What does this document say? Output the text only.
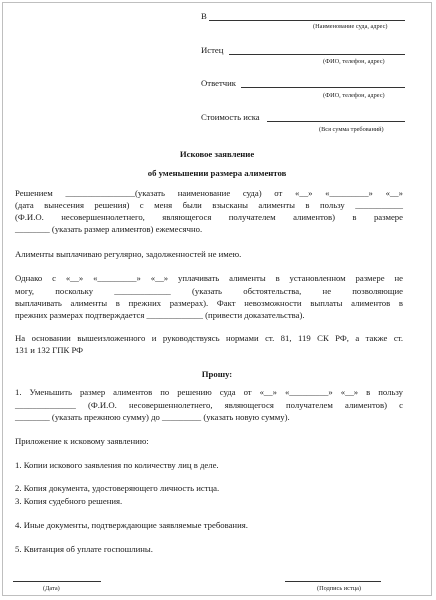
В
(Наименование суда, адрес)
Истец
(ФИО, телефон, адрес)
Ответчик
(ФИО, телефон, адрес)
Стоимость иска
(Вся сумма требований)
Исковое заявление
об уменьшении размера алиментов
Решением ________________(указать наименование суда) от «__» «_________» «__»
(дата вынесения решения) с меня были взысканы алименты в пользу ___________
(Ф.И.О. несовершеннолетнего, являющегося получателем алиментов) в размере
________ (указать размер алиментов) ежемесячно.
Алименты выплачиваю регулярно, задолженностей не имею.
Однако с «__» «_________» «__» уплачивать алименты в установленном размере не
могу, поскольку _____________ (указать обстоятельства, не позволяющие
выплачивать алименты в прежних размерах). Факт невозможности выплаты алиментов в
прежних размерах подтверждается _____________ (привести доказательства).
На основании вышеизложенного и руководствуясь нормами ст. 81, 119 СК РФ, а также ст.
131 и 132 ГПК РФ
Прошу:
1. Уменьшить размер алиментов по решению суда от «__» «_________» «__» в пользу
______________ (Ф.И.О. несовершеннолетнего, являющегося получателем алиментов) с
________ (указать прежнюю сумму) до _________ (указать новую сумму).
Приложение к исковому заявлению:
1. Копии искового заявления по количеству лиц в деле.
2. Копия документа, удостоверяющего личность истца.
3. Копия судебного решения.
4. Иные документы, подтверждающие заявляемые требования.
5. Квитанция об уплате госпошлины.
(Дата)	(Подпись истца)
